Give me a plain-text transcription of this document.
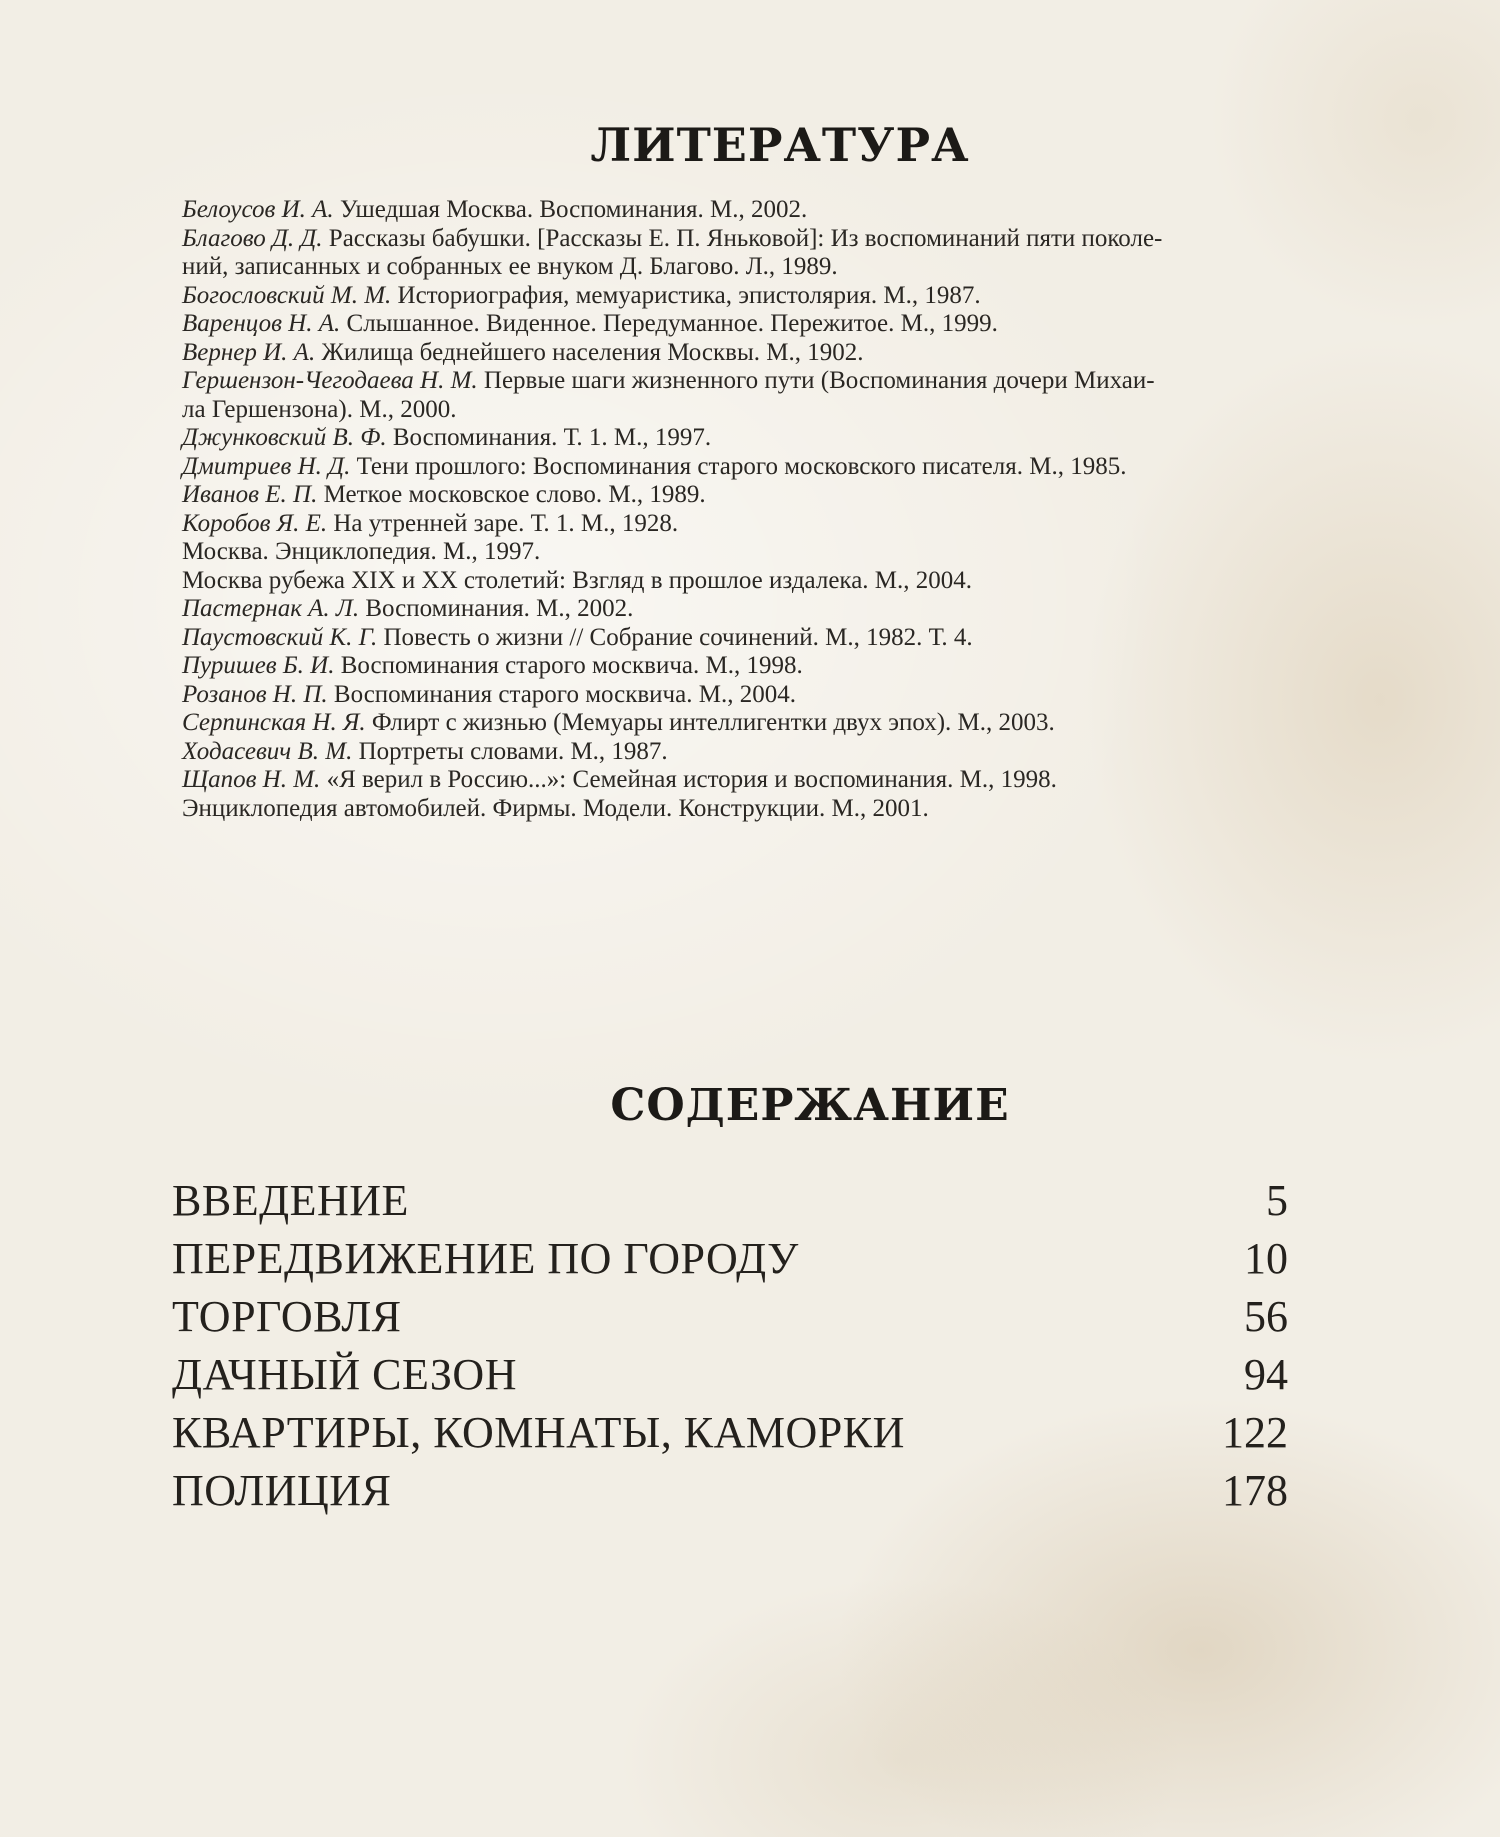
ЛИТЕРАТУРА
Белоусов И. А. Ушедшая Москва. Воспоминания. М., 2002.
Благово Д. Д. Рассказы бабушки. [Рассказы Е. П. Яньковой]: Из воспоминаний пяти поколе-
ний, записанных и собранных ее внуком Д. Благово. Л., 1989.
Богословский М. М. Историография, мемуаристика, эпистолярия. М., 1987.
Варенцов Н. А. Слышанное. Виденное. Передуманное. Пережитое. М., 1999.
Вернер И. А. Жилища беднейшего населения Москвы. М., 1902.
Гершензон-Чегодаева Н. М. Первые шаги жизненного пути (Воспоминания дочери Михаи-
ла Гершензона). М., 2000.
Джунковский В. Ф. Воспоминания. Т. 1. М., 1997.
Дмитриев Н. Д. Тени прошлого: Воспоминания старого московского писателя. М., 1985.
Иванов Е. П. Меткое московское слово. М., 1989.
Коробов Я. Е. На утренней заре. Т. 1. М., 1928.
Москва. Энциклопедия. М., 1997.
Москва рубежа XIX и XX столетий: Взгляд в прошлое издалека. М., 2004.
Пастернак А. Л. Воспоминания. М., 2002.
Паустовский К. Г. Повесть о жизни // Собрание сочинений. М., 1982. Т. 4.
Пуришев Б. И. Воспоминания старого москвича. М., 1998.
Розанов Н. П. Воспоминания старого москвича. М., 2004.
Серпинская Н. Я. Флирт с жизнью (Мемуары интеллигентки двух эпох). М., 2003.
Ходасевич В. М. Портреты словами. М., 1987.
Щапов Н. М. «Я верил в Россию...»: Семейная история и воспоминания. М., 1998.
Энциклопедия автомобилей. Фирмы. Модели. Конструкции. М., 2001.
СОДЕРЖАНИЕ
ВВЕДЕНИЕ	5
ПЕРЕДВИЖЕНИЕ ПО ГОРОДУ	10
ТОРГОВЛЯ	56
ДАЧНЫЙ СЕЗОН	94
КВАРТИРЫ, КОМНАТЫ, КАМОРКИ	122
ПОЛИЦИЯ	178
